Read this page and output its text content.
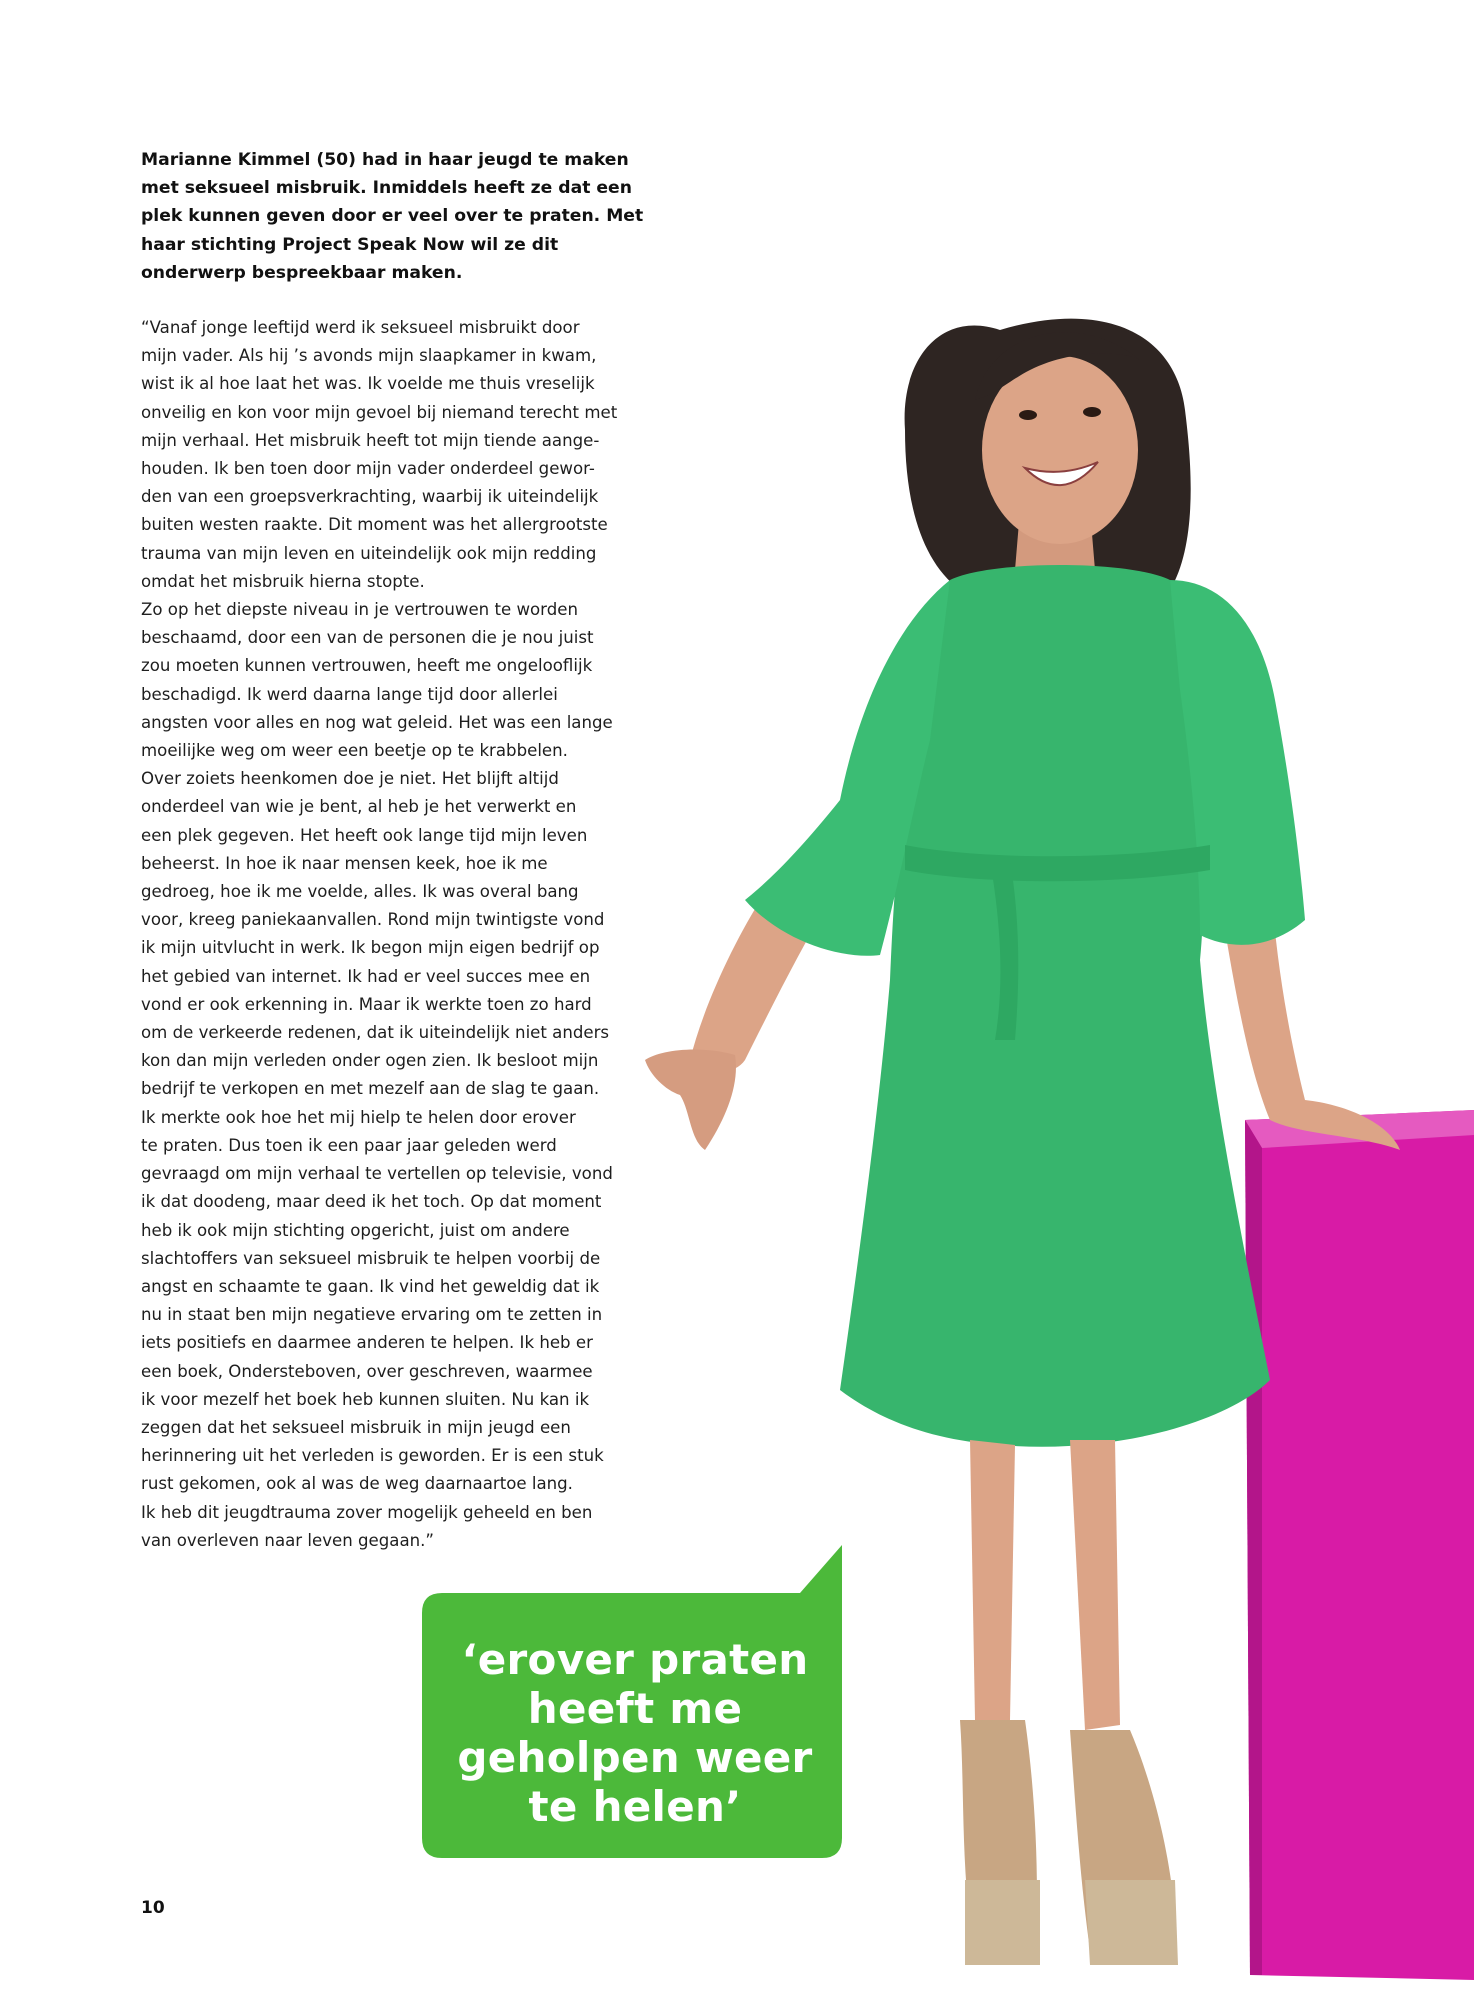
Marianne Kimmel (50) had in haar jeugd te maken met seksueel misbruik. Inmiddels heeft ze dat een plek kunnen geven door er veel over te praten. Met haar stichting Project Speak Now wil ze dit onderwerp bespreekbaar maken.

“Vanaf jonge leeftijd werd ik seksueel misbruikt door
mijn vader. Als hij ’s avonds mijn slaapkamer in kwam,
wist ik al hoe laat het was. Ik voelde me thuis vreselijk
onveilig en kon voor mijn gevoel bij niemand terecht met
mijn verhaal. Het misbruik heeft tot mijn tiende aange-
houden. Ik ben toen door mijn vader onderdeel gewor-
den van een groepsverkrachting, waarbij ik uiteindelijk
buiten westen raakte. Dit moment was het allergrootste
trauma van mijn leven en uiteindelijk ook mijn redding
omdat het misbruik hierna stopte.
Zo op het diepste niveau in je vertrouwen te worden
beschaamd, door een van de personen die je nou juist
zou moeten kunnen vertrouwen, heeft me ongelooflijk
beschadigd. Ik werd daarna lange tijd door allerlei
angsten voor alles en nog wat geleid. Het was een lange
moeilijke weg om weer een beetje op te krabbelen.
Over zoiets heenkomen doe je niet. Het blijft altijd
onderdeel van wie je bent, al heb je het verwerkt en
een plek gegeven. Het heeft ook lange tijd mijn leven
beheerst. In hoe ik naar mensen keek, hoe ik me
gedroeg, hoe ik me voelde, alles. Ik was overal bang
voor, kreeg paniekaanvallen. Rond mijn twintigste vond
ik mijn uitvlucht in werk. Ik begon mijn eigen bedrijf op
het gebied van internet. Ik had er veel succes mee en
vond er ook erkenning in. Maar ik werkte toen zo hard
om de verkeerde redenen, dat ik uiteindelijk niet anders
kon dan mijn verleden onder ogen zien. Ik besloot mijn
bedrijf te verkopen en met mezelf aan de slag te gaan.
Ik merkte ook hoe het mij hielp te helen door erover
te praten. Dus toen ik een paar jaar geleden werd
gevraagd om mijn verhaal te vertellen op televisie, vond
ik dat doodeng, maar deed ik het toch. Op dat moment
heb ik ook mijn stichting opgericht, juist om andere
slachtoffers van seksueel misbruik te helpen voorbij de
angst en schaamte te gaan. Ik vind het geweldig dat ik
nu in staat ben mijn negatieve ervaring om te zetten in
iets positiefs en daarmee anderen te helpen. Ik heb er
een boek, Ondersteboven, over geschreven, waarmee
ik voor mezelf het boek heb kunnen sluiten. Nu kan ik
zeggen dat het seksueel misbruik in mijn jeugd een
herinnering uit het verleden is geworden. Er is een stuk
rust gekomen, ook al was de weg daarnaartoe lang.
Ik heb dit jeugdtrauma zover mogelijk geheeld en ben
van overleven naar leven gegaan.”
‘erover praten
heeft me
geholpen weer
te helen’
10
